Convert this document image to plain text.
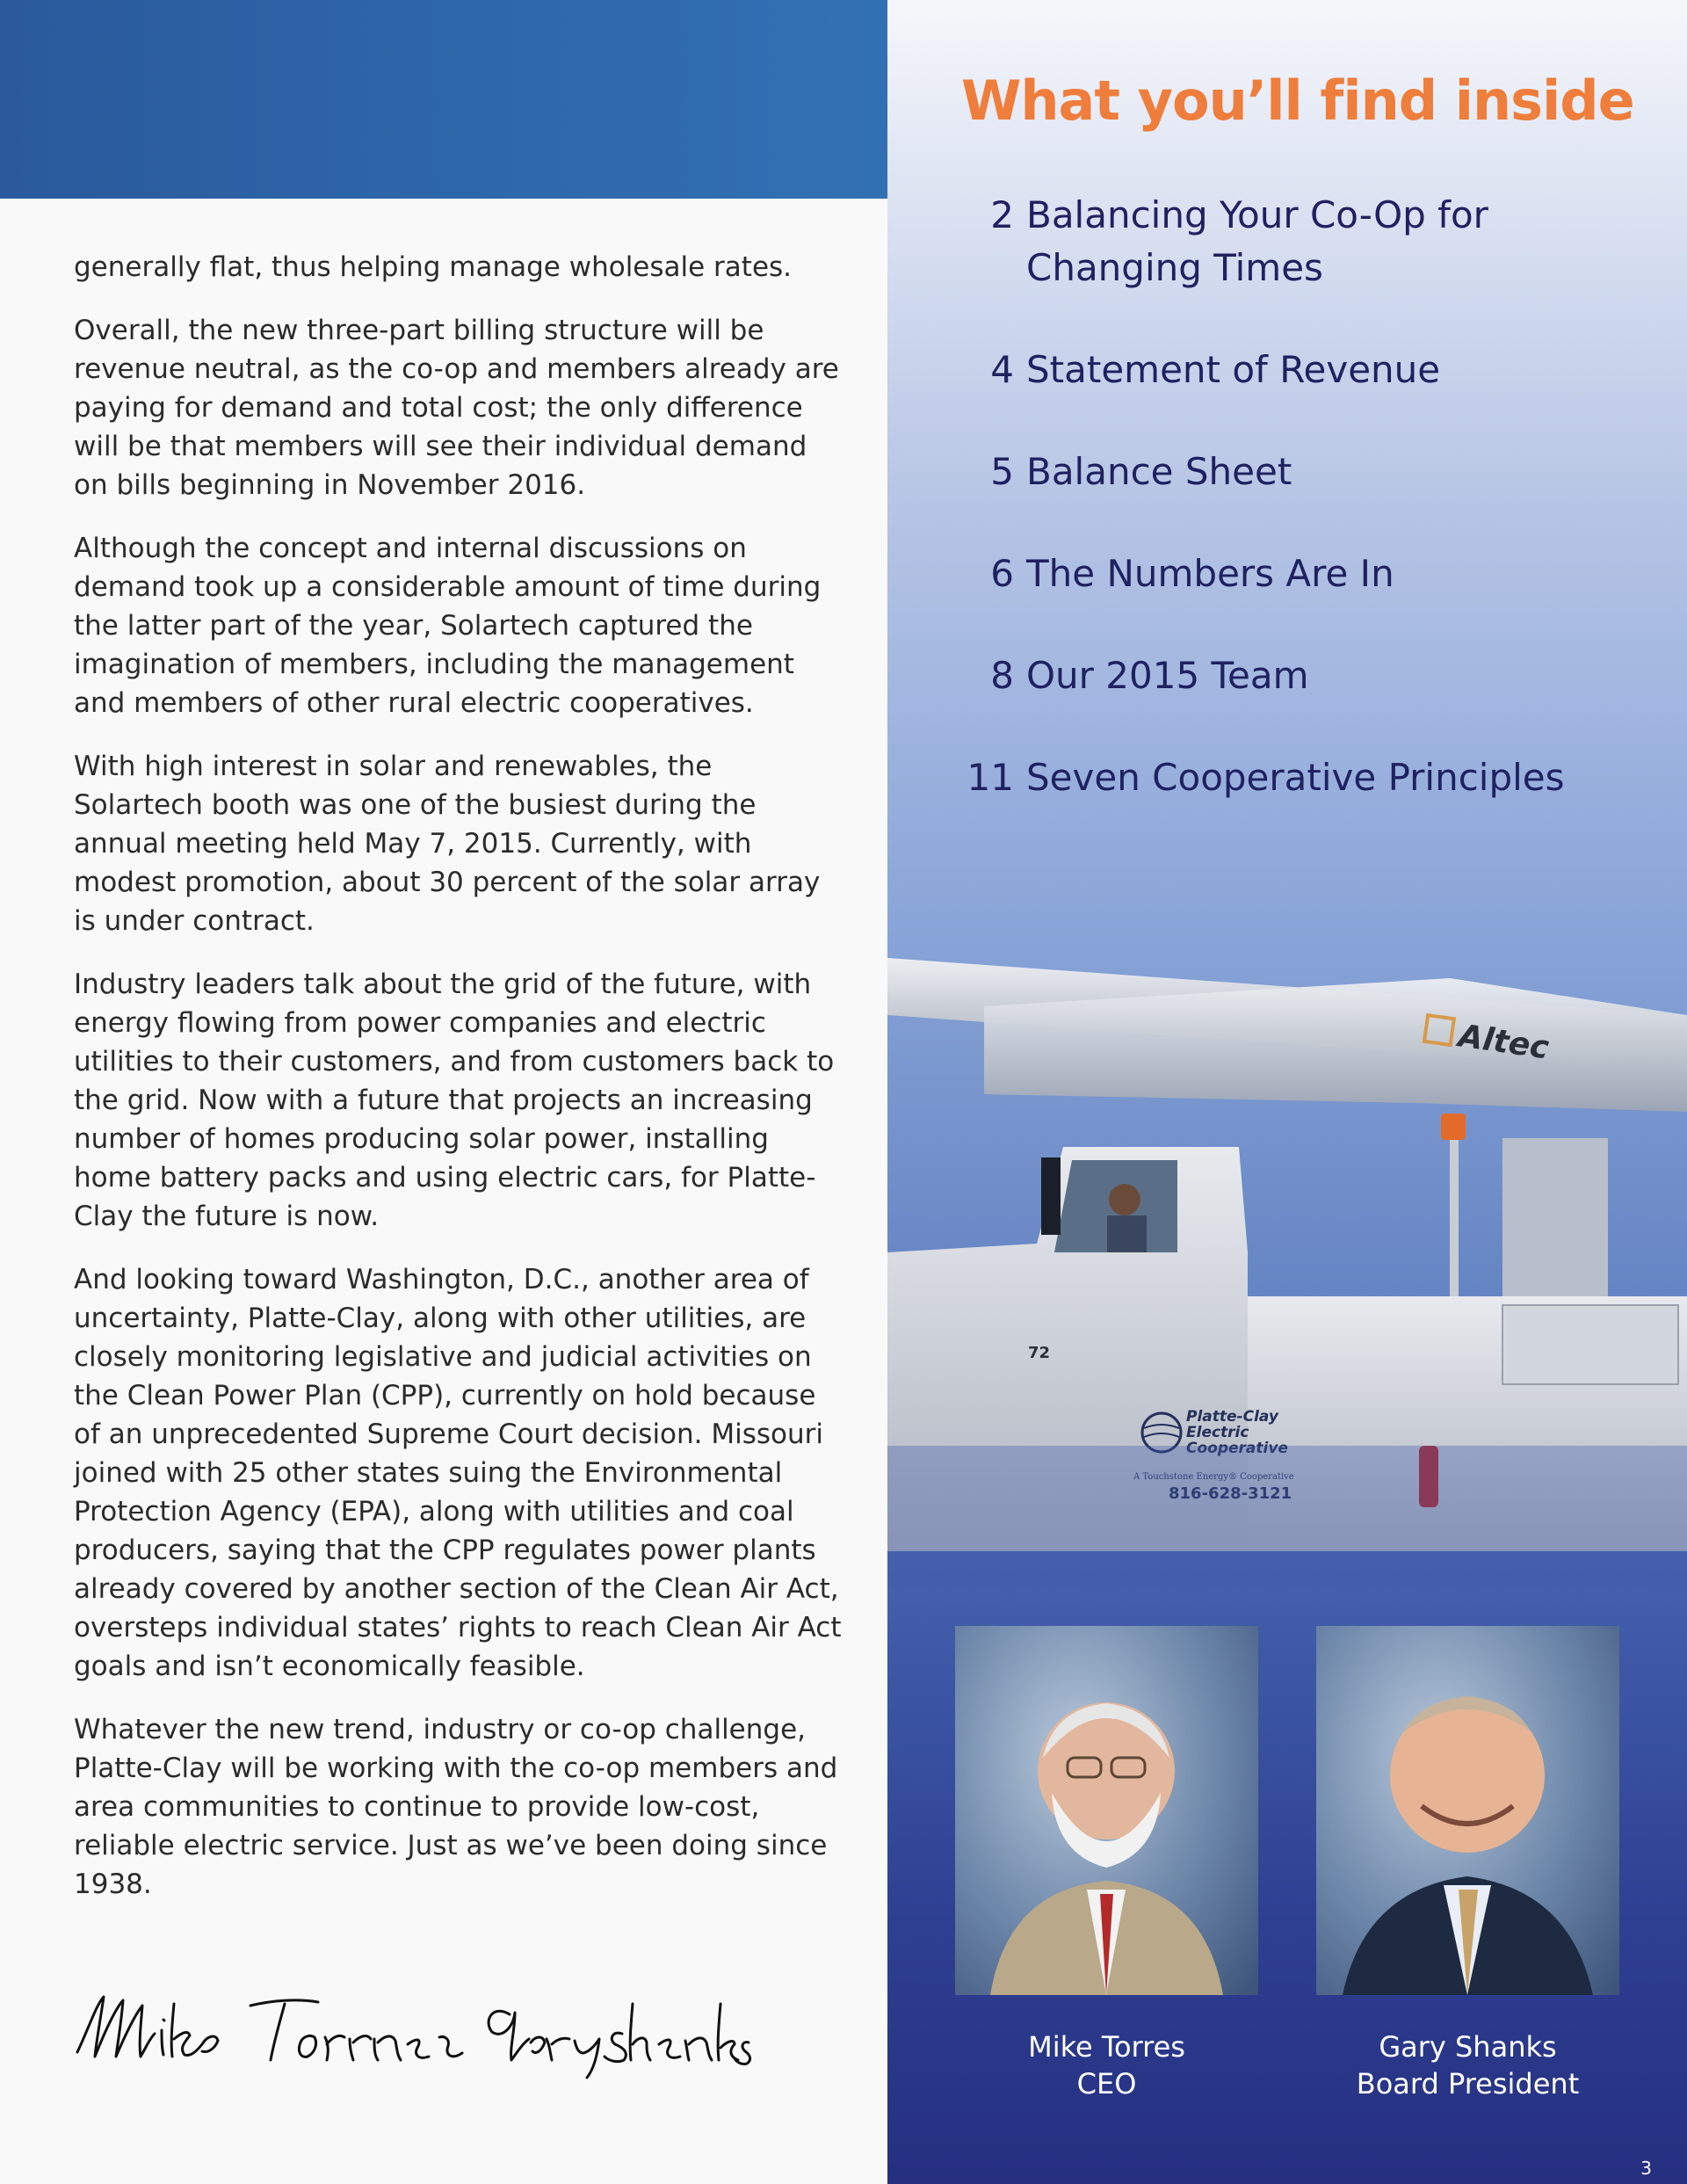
generally flat, thus helping manage wholesale rates.

Overall, the new three-part billing structure will be revenue neutral, as the co-op and members already are paying for demand and total cost; the only difference will be that members will see their individual demand on bills beginning in November 2016.

Although the concept and internal discussions on demand took up a considerable amount of time during the latter part of the year, Solartech captured the imagination of members, including the management and members of other rural electric cooperatives.

With high interest in solar and renewables, the Solartech booth was one of the busiest during the annual meeting held May 7, 2015. Currently, with modest promotion, about 30 percent of the solar array is under contract.

Industry leaders talk about the grid of the future, with energy flowing from power companies and electric utilities to their customers, and from customers back to the grid. Now with a future that projects an increasing number of homes producing solar power, installing home battery packs and using electric cars, for Platte-Clay the future is now.

And looking toward Washington, D.C., another area of uncertainty, Platte-Clay, along with other utilities, are closely monitoring legislative and judicial activities on the Clean Power Plan (CPP), currently on hold because of an unprecedented Supreme Court decision. Missouri joined with 25 other states suing the Environmental Protection Agency (EPA), along with utilities and coal producers, saying that the CPP regulates power plants already covered by another section of the Clean Air Act, oversteps individual states’ rights to reach Clean Air Act goals and isn’t economically feasible.

Whatever the new trend, industry or co-op challenge, Platte-Clay will be working with the co-op members and area communities to continue to provide low-cost, reliable electric service. Just as we’ve been doing since 1938.

What you’ll find inside
2 Balancing Your Co-Op for Changing Times
4 Statement of Revenue
5 Balance Sheet
6 The Numbers Are In
8 Our 2015 Team
11 Seven Cooperative Principles
Altec
Platte-Clay
Electric
Cooperative
A Touchstone Energy® Cooperative
816-628-3121
72
Mike Torres
CEO
Gary Shanks
Board President
3
